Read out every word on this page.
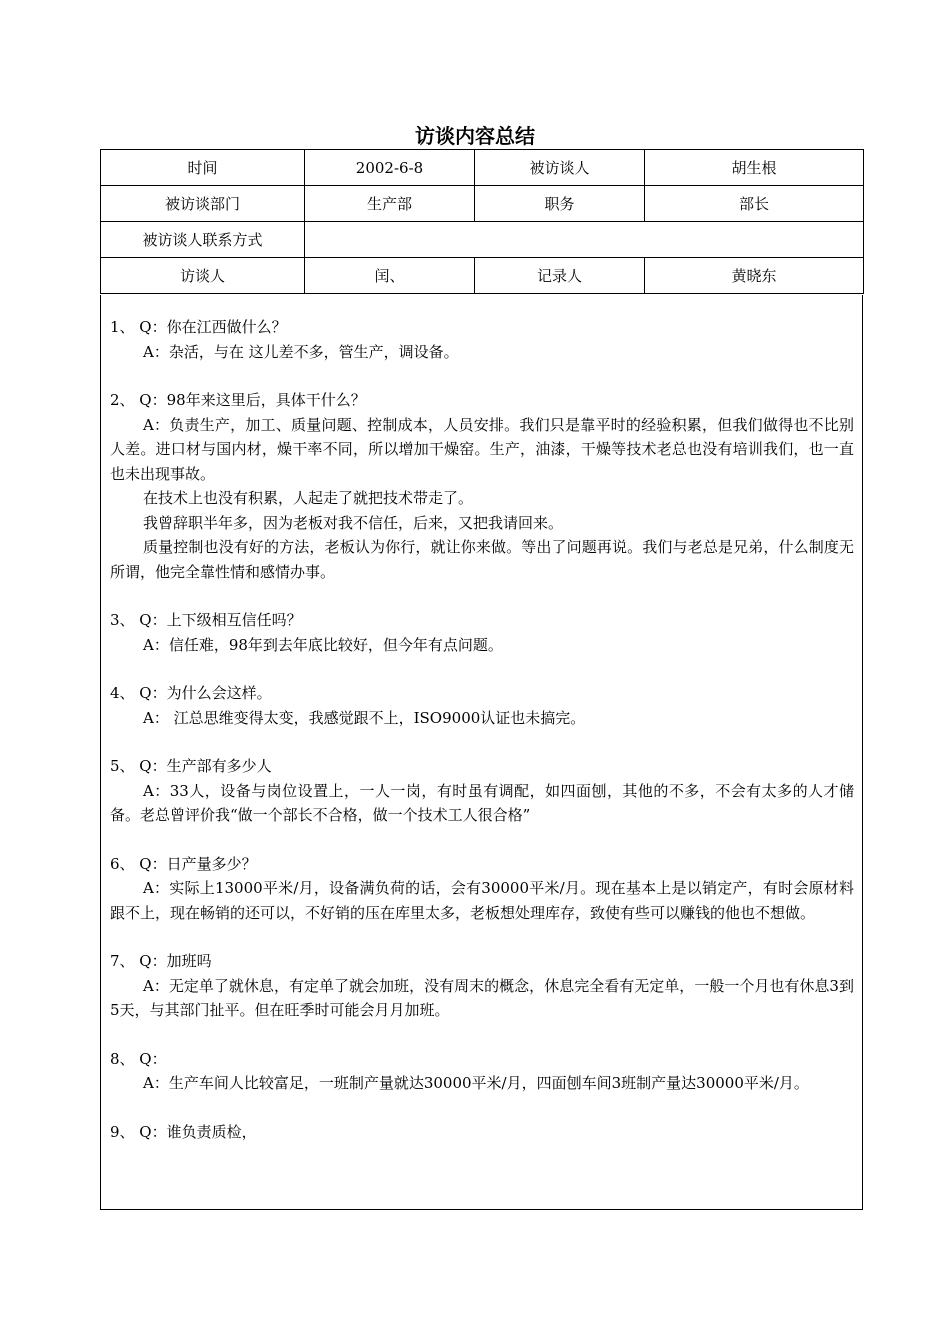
访谈内容总结
时间	2002-6-8	被访谈人	胡生根
被访谈部门	生产部	职务	部长
被访谈人联系方式			
访谈人	闰、	记录人	黄晓东
1、 Q：你在江西做什么？
A：杂活，与在 这儿差不多，管生产，调设备。
2、 Q：98年来这里后，具体干什么？
A：负责生产，加工、质量问题、控制成本，人员安排。我们只是靠平时的经验积累，但我们做得也不比别人差。进口材与国内材，燥干率不同，所以增加干燥窑。生产，油漆，干燥等技术老总也没有培训我们，也一直也未出现事故。
在技术上也没有积累，人起走了就把技术带走了。
我曾辞职半年多，因为老板对我不信任，后来，又把我请回来。
质量控制也没有好的方法，老板认为你行，就让你来做。等出了问题再说。我们与老总是兄弟，什么制度无所谓，他完全靠性情和感情办事。
3、 Q：上下级相互信任吗？
A：信任难，98年到去年底比较好，但今年有点问题。
4、 Q：为什么会这样。
A： 江总思维变得太变，我感觉跟不上，ISO9000认证也未搞完。
5、 Q：生产部有多少人
A：33人，设备与岗位设置上，一人一岗，有时虽有调配，如四面刨，其他的不多，不会有太多的人才储备。老总曾评价我“做一个部长不合格，做一个技术工人很合格”
6、 Q：日产量多少？
A：实际上13000平米/月，设备满负荷的话，会有30000平米/月。现在基本上是以销定产，有时会原材料跟不上，现在畅销的还可以，不好销的压在库里太多，老板想处理库存，致使有些可以赚钱的他也不想做。
7、 Q：加班吗
A：无定单了就休息，有定单了就会加班，没有周末的概念，休息完全看有无定单，一般一个月也有休息3到5天，与其部门扯平。但在旺季时可能会月月加班。
8、 Q：
A：生产车间人比较富足，一班制产量就达30000平米/月，四面刨车间3班制产量达30000平米/月。
9、 Q：谁负责质检，
